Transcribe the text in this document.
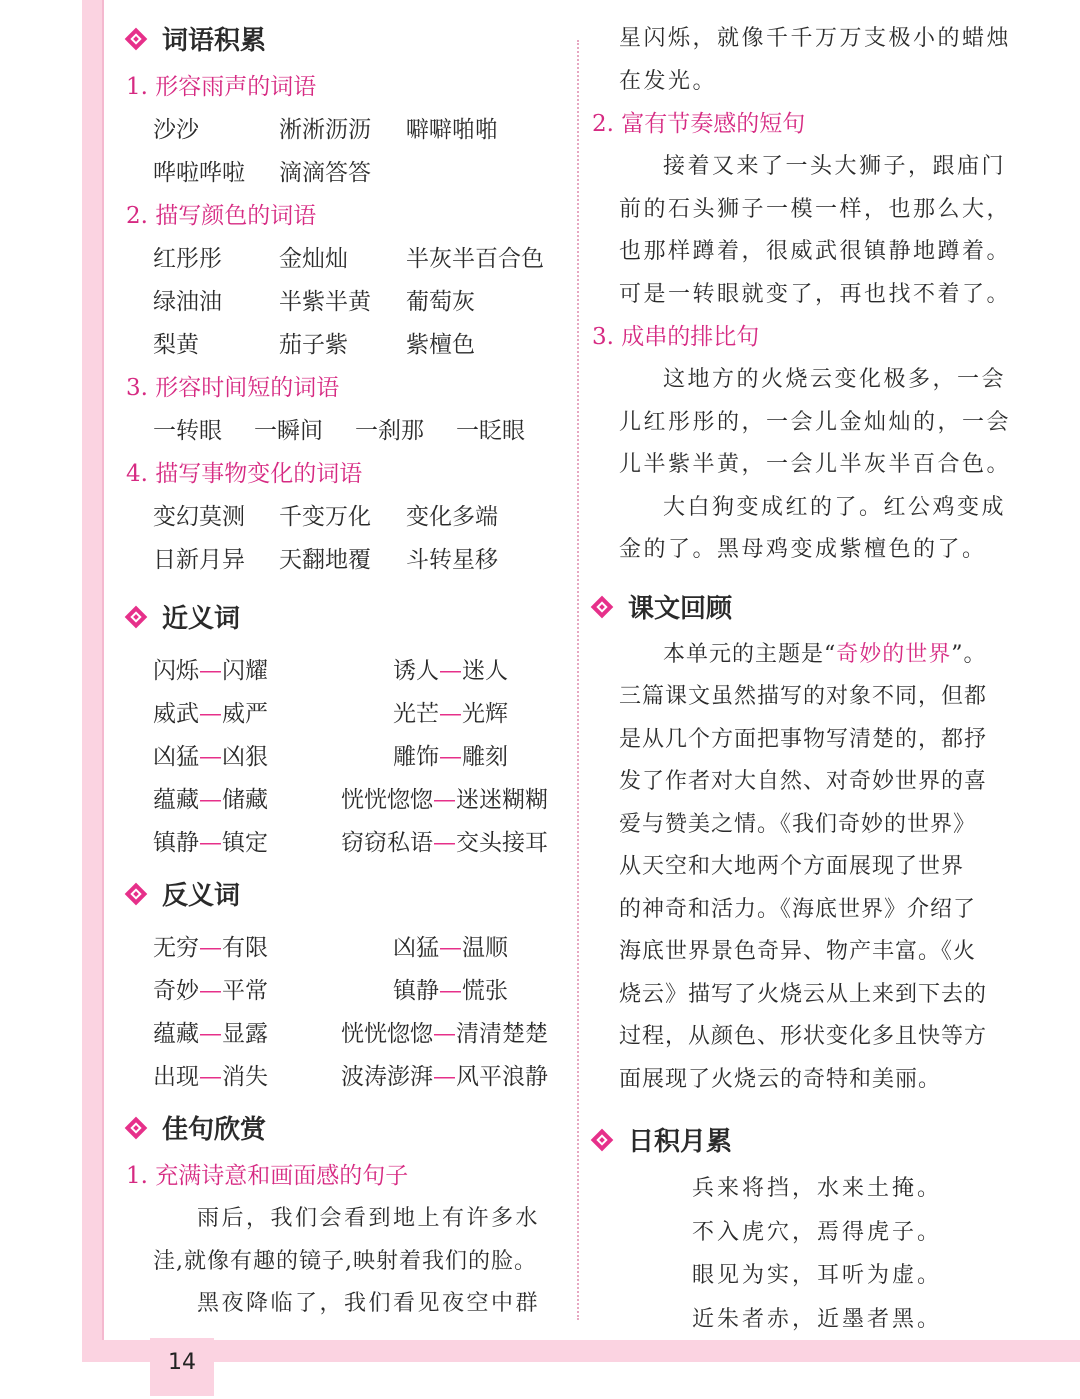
14
词语积累
1. 形容雨声的词语
沙沙	淅淅沥沥	噼噼啪啪
哗啦哗啦	滴滴答答
2. 描写颜色的词语
红彤彤	金灿灿	半灰半百合色
绿油油	半紫半黄	葡萄灰
梨黄	茄子紫	紫檀色
3. 形容时间短的词语
一转眼	一瞬间	一刹那	一眨眼
4. 描写事物变化的词语
变幻莫测	千变万化	变化多端
日新月异	天翻地覆	斗转星移
近义词
闪烁—闪耀	诱人—迷人
威武—威严	光芒—光辉
凶猛—凶狠	雕饰—雕刻
蕴藏—储藏	恍恍惚惚—迷迷糊糊
镇静—镇定	窃窃私语—交头接耳
反义词
无穷—有限	凶猛—温顺
奇妙—平常	镇静—慌张
蕴藏—显露	恍恍惚惚—清清楚楚
出现—消失	波涛澎湃—风平浪静
佳句欣赏
1. 充满诗意和画面感的句子
雨后，我们会看到地上有许多水
洼,就像有趣的镜子,映射着我们的脸。
黑夜降临了，我们看见夜空中群
星闪烁，就像千千万万支极小的蜡烛
在发光。
2. 富有节奏感的短句
接着又来了一头大狮子，跟庙门
前的石头狮子一模一样，也那么大，
也那样蹲着，很威武很镇静地蹲着。
可是一转眼就变了，再也找不着了。
3. 成串的排比句
这地方的火烧云变化极多，一会
儿红彤彤的，一会儿金灿灿的，一会
儿半紫半黄，一会儿半灰半百合色。
大白狗变成红的了。红公鸡变成
金的了。黑母鸡变成紫檀色的了。
课文回顾
本单元的主题是“奇妙的世界”。
三篇课文虽然描写的对象不同，但都
是从几个方面把事物写清楚的，都抒
发了作者对大自然、对奇妙世界的喜
爱与赞美之情。《我们奇妙的世界》
从天空和大地两个方面展现了世界
的神奇和活力。《海底世界》介绍了
海底世界景色奇异、物产丰富。《火
烧云》描写了火烧云从上来到下去的
过程，从颜色、形状变化多且快等方
面展现了火烧云的奇特和美丽。
日积月累
兵来将挡，水来土掩。
不入虎穴，焉得虎子。
眼见为实，耳听为虚。
近朱者赤，近墨者黑。
